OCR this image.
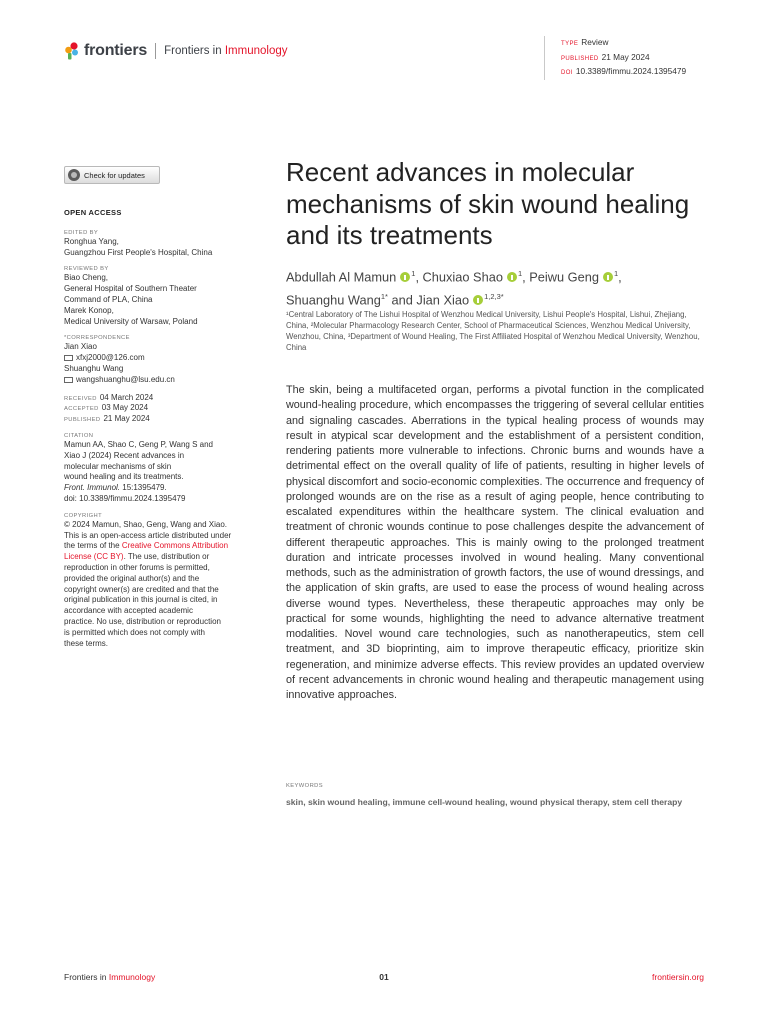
frontiers Frontiers in Immunology
TYPE Review
PUBLISHED 21 May 2024
DOI 10.3389/fimmu.2024.1395479
Check for updates
OPEN ACCESS
EDITED BY
Ronghua Yang,
Guangzhou First People's Hospital, China
REVIEWED BY
Biao Cheng,
General Hospital of Southern Theater
Command of PLA, China
Marek Konop,
Medical University of Warsaw, Poland
*CORRESPONDENCE
Jian Xiao
xfxj2000@126.com
Shuanghu Wang
wangshuanghu@lsu.edu.cn
RECEIVED 04 March 2024
ACCEPTED 03 May 2024
PUBLISHED 21 May 2024
CITATION
Mamun AA, Shao C, Geng P, Wang S and
Xiao J (2024) Recent advances in
molecular mechanisms of skin
wound healing and its treatments.
Front. Immunol. 15:1395479.
doi: 10.3389/fimmu.2024.1395479
COPYRIGHT
© 2024 Mamun, Shao, Geng, Wang and Xiao.
This is an open-access article distributed under
the terms of the Creative Commons Attribution
License (CC BY). The use, distribution or
reproduction in other forums is permitted,
provided the original author(s) and the
copyright owner(s) are credited and that the
original publication in this journal is cited, in
accordance with accepted academic
practice. No use, distribution or reproduction
is permitted which does not comply with
these terms.
Recent advances in molecular mechanisms of skin wound healing and its treatments
Abdullah Al Mamun $^1$, Chuxiao Shao $^1$, Peiwu Geng $^1$,
Shuanghu Wang$^{1*}$ and Jian Xiao $^{1,2,3*}$
¹Central Laboratory of The Lishui Hospital of Wenzhou Medical University, Lishui People's Hospital, Lishui, Zhejiang, China, ²Molecular Pharmacology Research Center, School of Pharmaceutical Sciences, Wenzhou Medical University, Wenzhou, China, ³Department of Wound Healing, The First Affiliated Hospital of Wenzhou Medical University, Wenzhou, China

The skin, being a multifaceted organ, performs a pivotal function in the complicated wound-healing procedure, which encompasses the triggering of several cellular entities and signaling cascades. Aberrations in the typical healing process of wounds may result in atypical scar development and the establishment of a persistent condition, rendering patients more vulnerable to infections. Chronic burns and wounds have a detrimental effect on the overall quality of life of patients, resulting in higher levels of physical discomfort and socio-economic complexities. The occurrence and frequency of prolonged wounds are on the rise as a result of aging people, hence contributing to escalated expenditures within the healthcare system. The clinical evaluation and treatment of chronic wounds continue to pose challenges despite the advancement of different therapeutic approaches. This is mainly owing to the prolonged treatment duration and intricate processes involved in wound healing. Many conventional methods, such as the administration of growth factors, the use of wound dressings, and the application of skin grafts, are used to ease the process of wound healing across diverse wound types. Nevertheless, these therapeutic approaches may only be practical for some wounds, highlighting the need to advance alternative treatment modalities. Novel wound care technologies, such as nanotherapeutics, stem cell treatment, and 3D bioprinting, aim to improve therapeutic efficacy, prioritize skin regeneration, and minimize adverse effects. This review provides an updated overview of recent advancements in chronic wound healing and therapeutic management using innovative approaches.

KEYWORDS
skin, skin wound healing, immune cell-wound healing, wound physical therapy, stem cell therapy
Frontiers in Immunology	01	frontiersin.org
